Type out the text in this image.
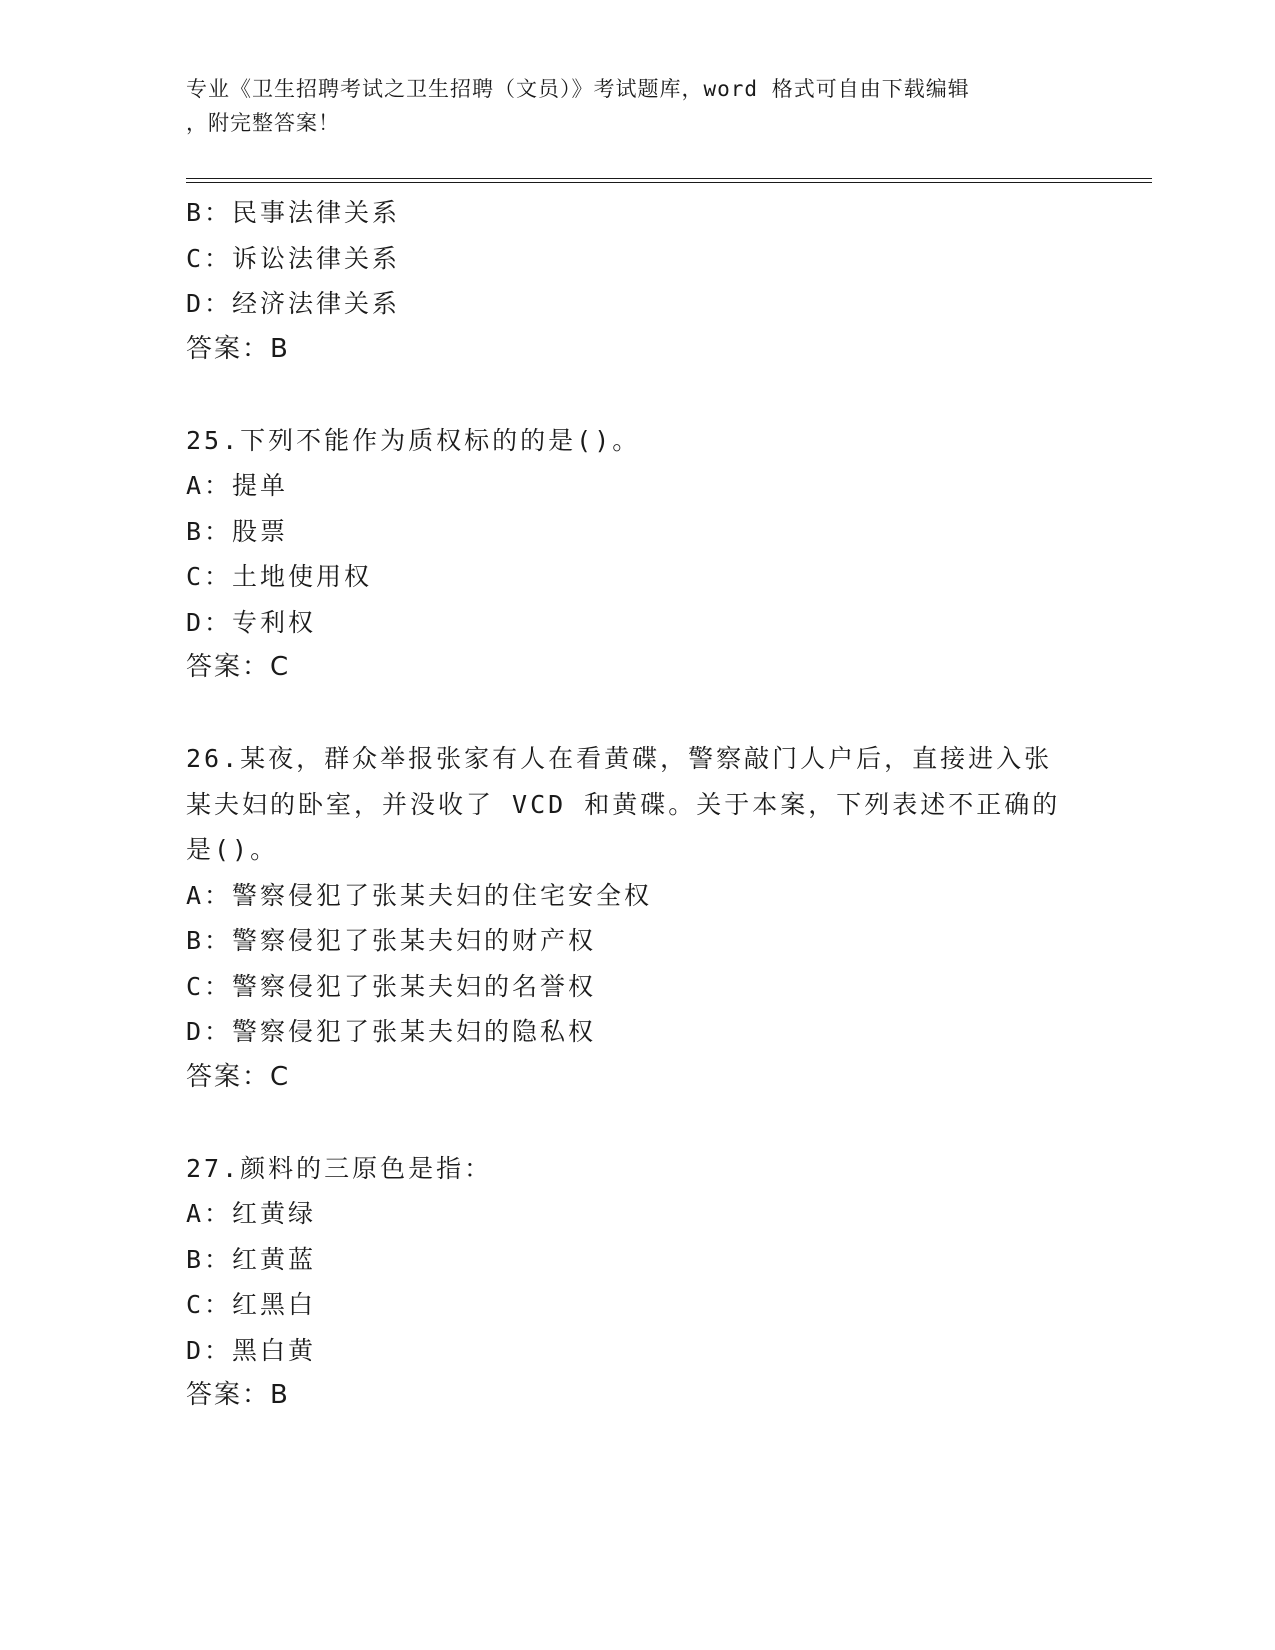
专业《卫生招聘考试之卫生招聘（文员）》考试题库，word 格式可自由下载编辑
，附完整答案！
B：民事法律关系
C：诉讼法律关系
D：经济法律关系
答案：B
25.下列不能作为质权标的的是()。
A：提单
B：股票
C：土地使用权
D：专利权
答案：C
26.某夜，群众举报张家有人在看黄碟，警察敲门人户后，直接进入张
某夫妇的卧室，并没收了 VCD 和黄碟。关于本案，下列表述不正确的
是()。
A：警察侵犯了张某夫妇的住宅安全权
B：警察侵犯了张某夫妇的财产权
C：警察侵犯了张某夫妇的名誉权
D：警察侵犯了张某夫妇的隐私权
答案：C
27.颜料的三原色是指：
A：红黄绿
B：红黄蓝
C：红黑白
D：黑白黄
答案：B
